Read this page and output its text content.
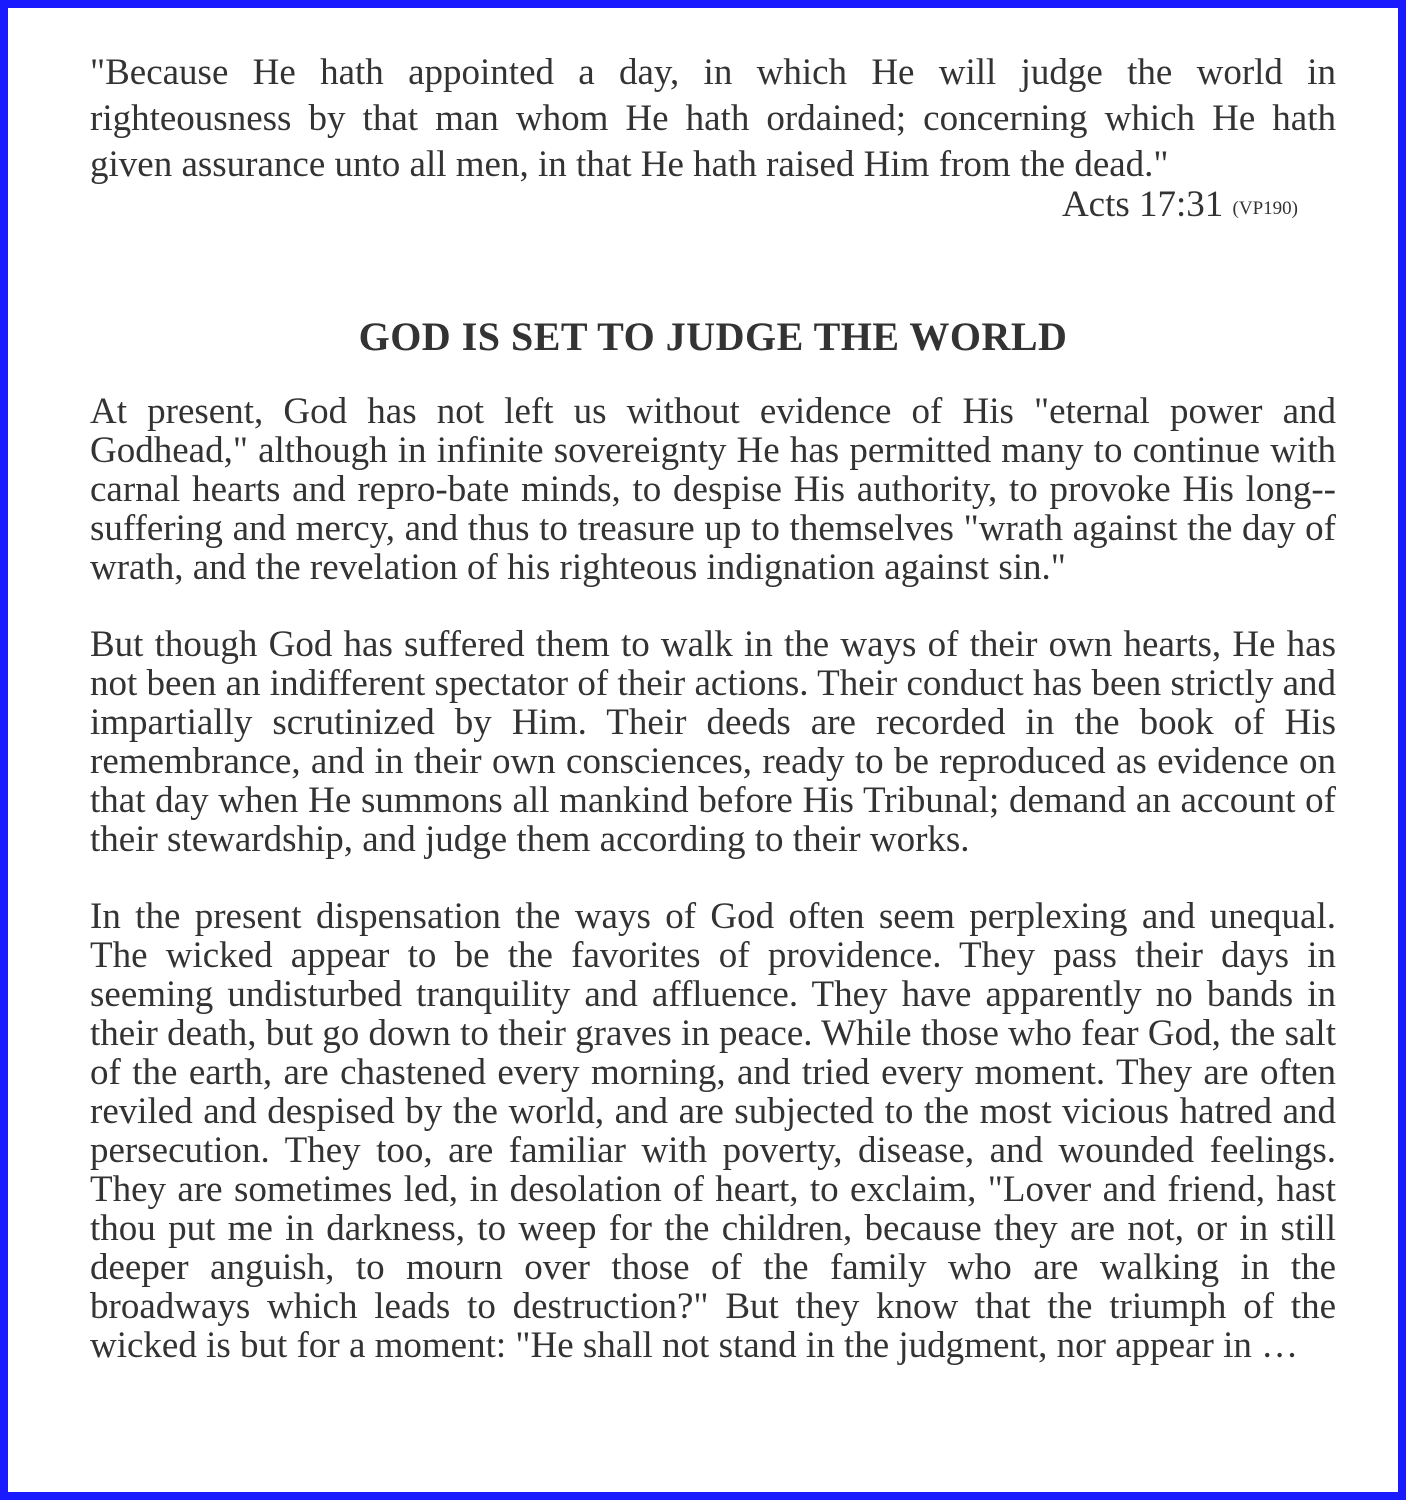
"Because He hath appointed a day, in which He will judge the world in righteousness by that man whom He hath ordained; concerning which He hath given assurance unto all men, in that He hath raised Him from the dead."

Acts 17:31 (VP190)

GOD IS SET TO JUDGE THE WORLD

At present, God has not left us without evidence of His "eternal power and Godhead," although in infinite sovereignty He has permitted many to continue with carnal hearts and repro-bate minds, to despise His authority, to provoke His long--suffering and mercy, and thus to treasure up to themselves "wrath against the day of wrath, and the revelation of his righteous indignation against sin."

But though God has suffered them to walk in the ways of their own hearts, He has not been an indifferent spectator of their actions. Their conduct has been strictly and impartially scrutinized by Him. Their deeds are recorded in the book of His remembrance, and in their own consciences, ready to be reproduced as evidence on that day when He summons all mankind before His Tribunal; demand an account of their stewardship, and judge them according to their works.

In the present dispensation the ways of God often seem perplexing and unequal. The wicked appear to be the favorites of providence. They pass their days in seeming undisturbed tranquility and affluence. They have apparently no bands in their death, but go down to their graves in peace. While those who fear God, the salt of the earth, are chastened every morning, and tried every moment. They are often reviled and despised by the world, and are subjected to the most vicious hatred and persecution. They too, are familiar with poverty, disease, and wounded feelings. They are sometimes led, in desolation of heart, to exclaim, "Lover and friend, hast thou put me in darkness, to weep for the children, because they are not, or in still deeper anguish, to mourn over those of the family who are walking in the broadways which leads to destruction?" But they know that the triumph of the wicked is but for a moment: "He shall not stand in the judgment, nor appear in …
